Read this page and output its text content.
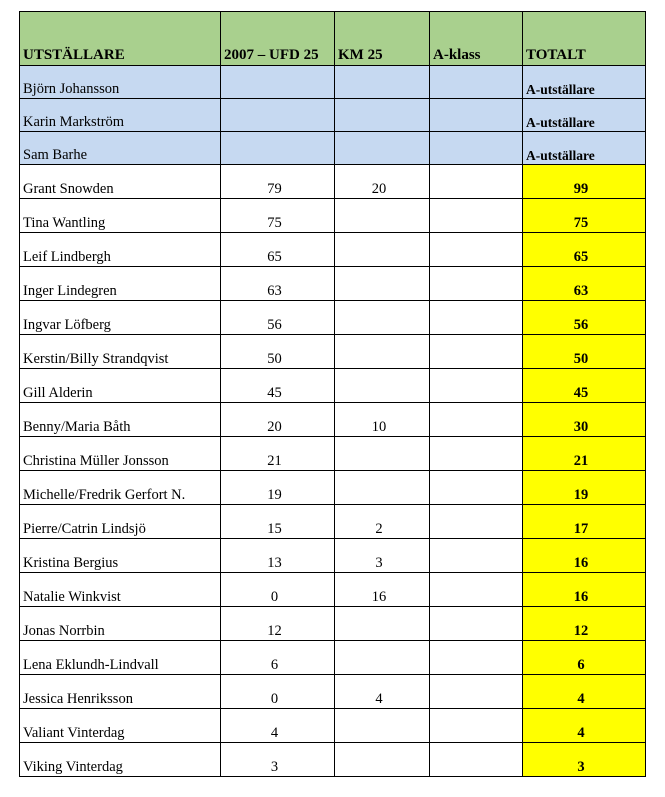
UTSTÄLLARE	2007 – UFD 25	KM 25	A-klass	TOTALT
Björn Johansson				A-utställare
Karin Markström				A-utställare
Sam Barhe				A-utställare
Grant Snowden	79	20		99
Tina Wantling	75			75
Leif Lindbergh	65			65
Inger Lindegren	63			63
Ingvar Löfberg	56			56
Kerstin/Billy Strandqvist	50			50
Gill Alderin	45			45
Benny/Maria Båth	20	10		30
Christina Müller Jonsson	21			21
Michelle/Fredrik Gerfort N.	19			19
Pierre/Catrin Lindsjö	15	2		17
Kristina Bergius	13	3		16
Natalie Winkvist	0	16		16
Jonas Norrbin	12			12
Lena Eklundh-Lindvall	6			6
Jessica Henriksson	0	4		4
Valiant Vinterdag	4			4
Viking Vinterdag	3			3
